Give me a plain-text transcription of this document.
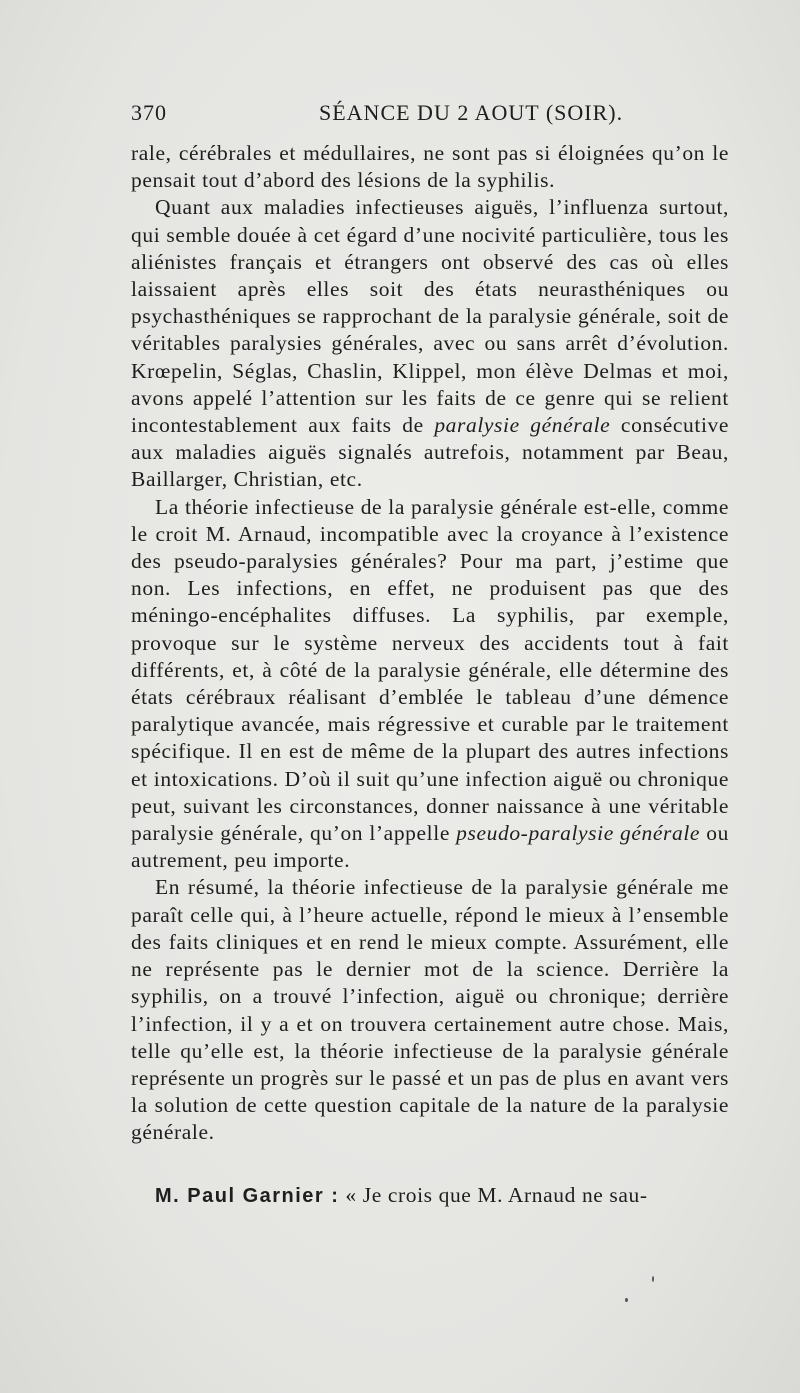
370	SÉANCE DU 2 AOUT (SOIR).

rale, cérébrales et médullaires, ne sont pas si éloignées qu’on le pensait tout d’abord des lésions de la syphilis.

Quant aux maladies infectieuses aiguës, l’influenza surtout, qui semble douée à cet égard d’une nocivité particulière, tous les aliénistes français et étrangers ont observé des cas où elles laissaient après elles soit des états neurasthéniques ou psychasthéniques se rapprochant de la paralysie générale, soit de véritables paralysies générales, avec ou sans arrêt d’évolution. Krœpelin, Séglas, Chaslin, Klippel, mon élève Delmas et moi, avons appelé l’attention sur les faits de ce genre qui se relient incontestablement aux faits de paralysie générale consécutive aux maladies aiguës signalés autrefois, notamment par Beau, Baillarger, Christian, etc.

La théorie infectieuse de la paralysie générale est-elle, comme le croit M. Arnaud, incompatible avec la croyance à l’existence des pseudo-paralysies générales? Pour ma part, j’estime que non. Les infections, en effet, ne produisent pas que des méningo-encéphalites diffuses. La syphilis, par exemple, provoque sur le système nerveux des accidents tout à fait différents, et, à côté de la paralysie générale, elle détermine des états cérébraux réalisant d’emblée le tableau d’une démence paralytique avancée, mais régressive et curable par le traitement spécifique. Il en est de même de la plupart des autres infections et intoxications. D’où il suit qu’une infection aiguë ou chronique peut, suivant les circonstances, donner naissance à une véritable paralysie générale, qu’on l’appelle pseudo-paralysie générale ou autrement, peu importe.

En résumé, la théorie infectieuse de la paralysie générale me paraît celle qui, à l’heure actuelle, répond le mieux à l’ensemble des faits cliniques et en rend le mieux compte. Assurément, elle ne représente pas le dernier mot de la science. Derrière la syphilis, on a trouvé l’infection, aiguë ou chronique; derrière l’infection, il y a et on trouvera certainement autre chose. Mais, telle qu’elle est, la théorie infectieuse de la paralysie générale représente un progrès sur le passé et un pas de plus en avant vers la solution de cette question capitale de la nature de la paralysie générale.

M. Paul Garnier : « Je crois que M. Arnaud ne sau-
